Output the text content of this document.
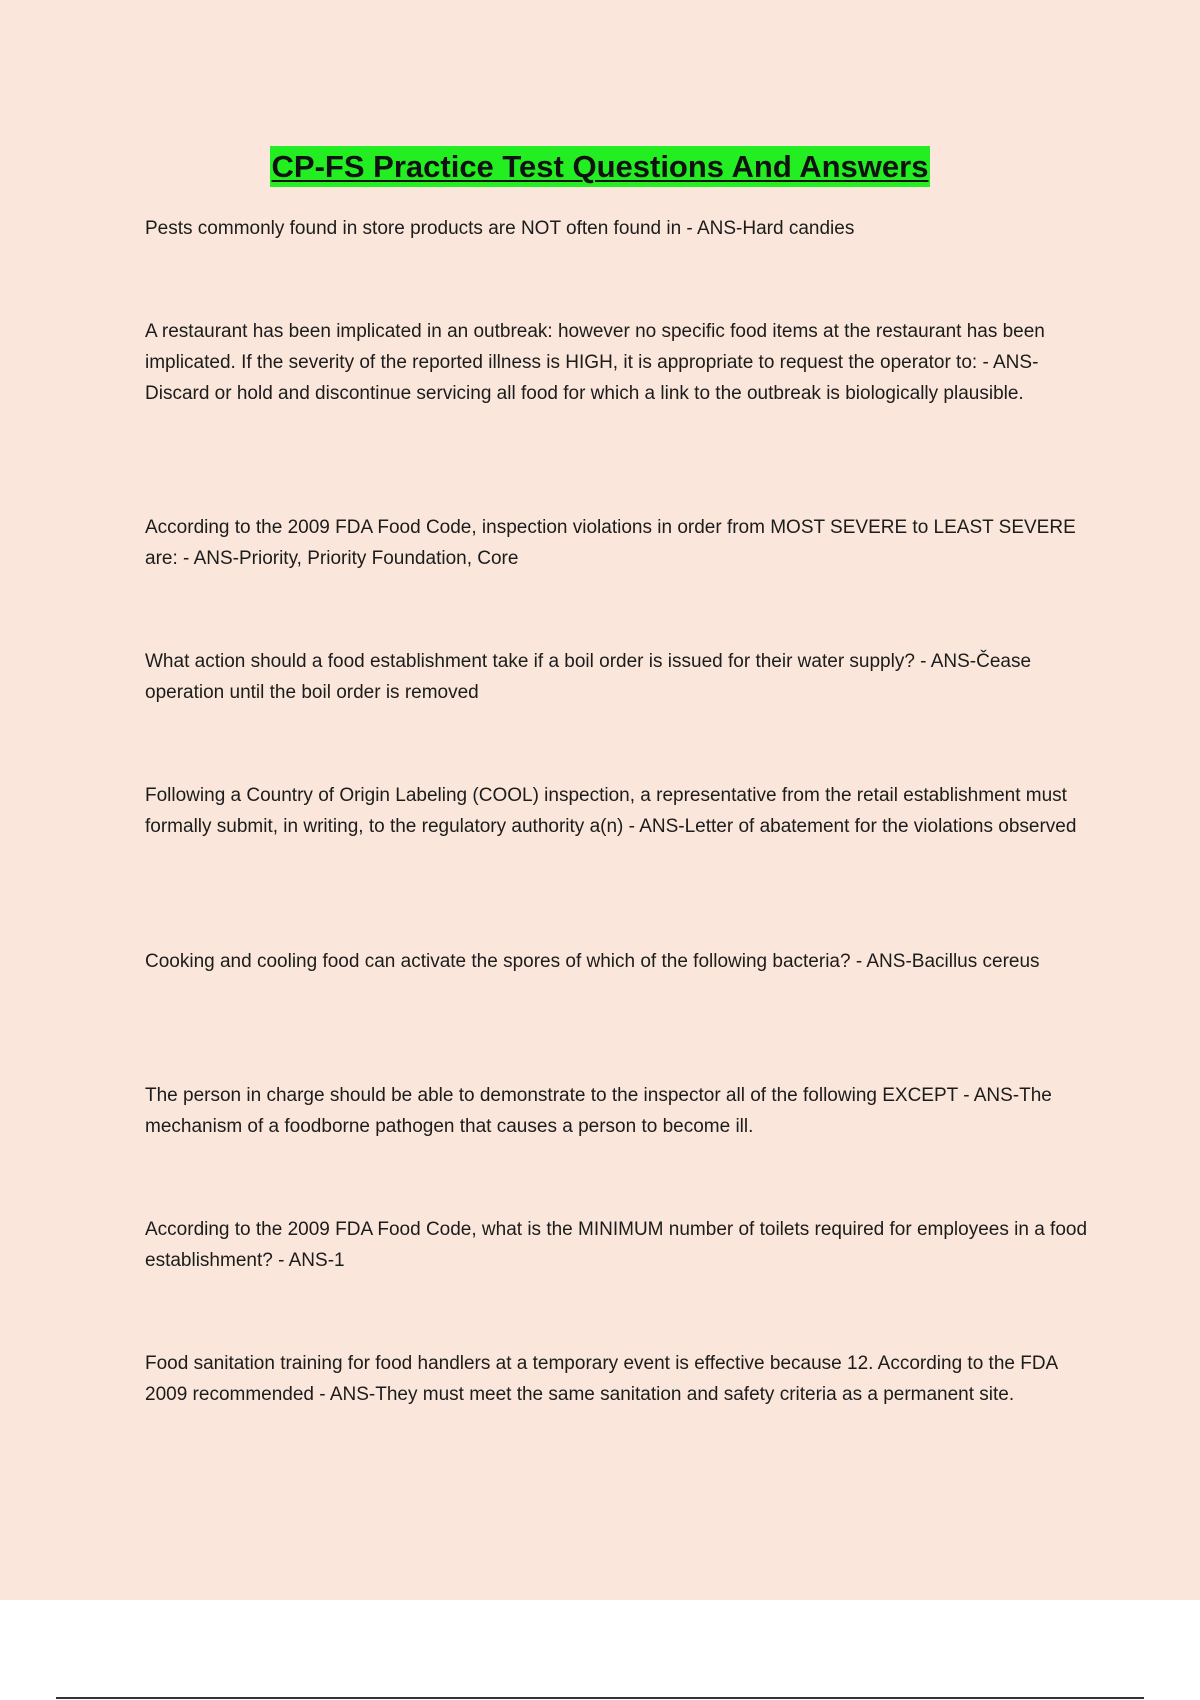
CP-FS Practice Test Questions And Answers

Pests commonly found in store products are NOT often found in - ANS-Hard candies

A restaurant has been implicated in an outbreak: however no specific food items at the restaurant has been implicated. If the severity of the reported illness is HIGH, it is appropriate to request the operator to: - ANS-Discard or hold and discontinue servicing all food for which a link to the outbreak is biologically plausible.

According to the 2009 FDA Food Code, inspection violations in order from MOST SEVERE to LEAST SEVERE are: - ANS-Priority, Priority Foundation, Core

What action should a food establishment take if a boil order is issued for their water supply? - ANS-Čease operation until the boil order is removed

Following a Country of Origin Labeling (COOL) inspection, a representative from the retail establishment must formally submit, in writing, to the regulatory authority a(n) - ANS-Letter of abatement for the violations observed

Cooking and cooling food can activate the spores of which of the following bacteria? - ANS-Bacillus cereus

The person in charge should be able to demonstrate to the inspector all of the following EXCEPT - ANS-The mechanism of a foodborne pathogen that causes a person to become ill.

According to the 2009 FDA Food Code, what is the MINIMUM number of toilets required for employees in a food establishment? - ANS-1

Food sanitation training for food handlers at a temporary event is effective because 12. According to the FDA 2009 recommended - ANS-They must meet the same sanitation and safety criteria as a permanent site.
